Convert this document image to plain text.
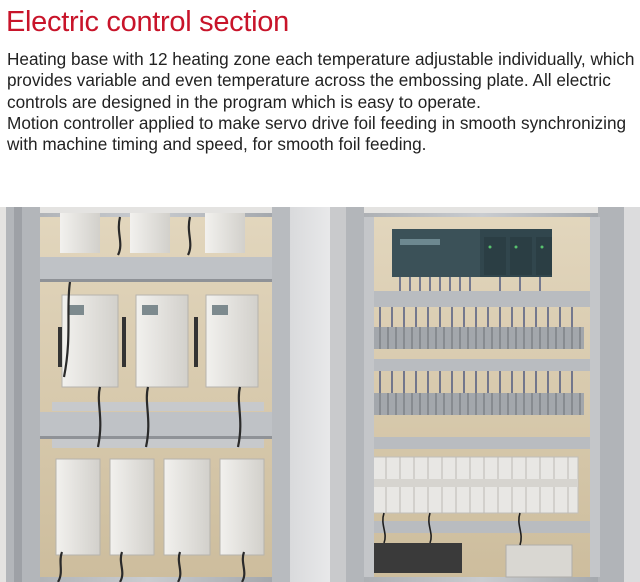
Electric control section

Heating base with 12 heating zone each temperature adjustable individually, which provides variable and even temperature across the embossing plate. All electric controls are designed in the program which is easy to operate.

Motion controller applied to make servo drive foil feeding in smooth synchronizing with machine timing and speed, for smooth foil feeding.
